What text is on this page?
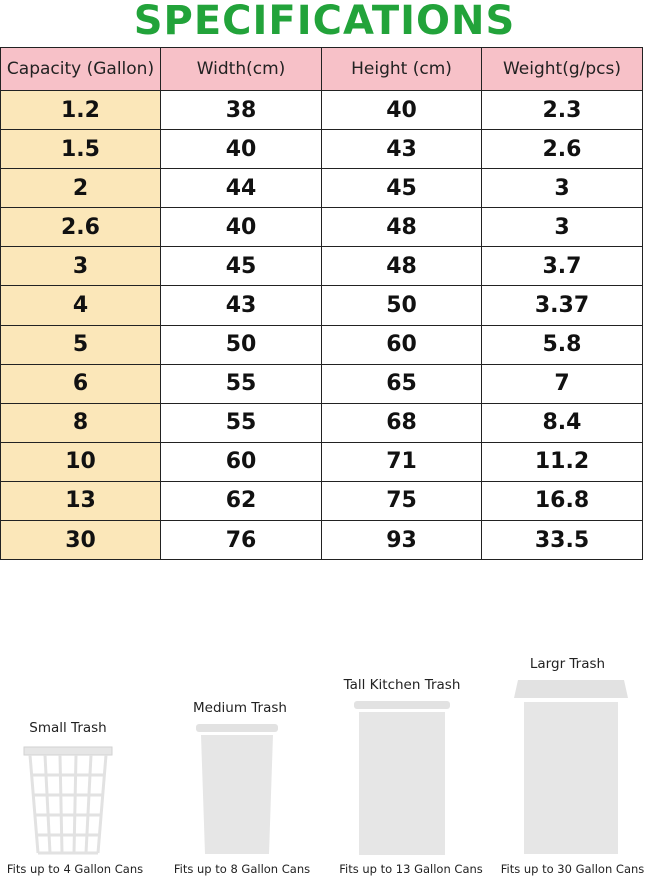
SPECIFICATIONS
Capacity (Gallon)	Width(cm)	Height (cm)	Weight(g/pcs)
1.2	38	40	2.3
1.5	40	43	2.6
2	44	45	3
2.6	40	48	3
3	45	48	3.7
4	43	50	3.37
5	50	60	5.8
6	55	65	7
8	55	68	8.4
10	60	71	11.2
13	62	75	16.8
30	76	93	33.5
Small Trash
Medium Trash
Tall Kitchen Trash
Largr Trash
Fits up to 4 Gallon Cans	Fits up to 8 Gallon Cans	Fits up to 13 Gallon Cans	Fits up to 30 Gallon Cans
